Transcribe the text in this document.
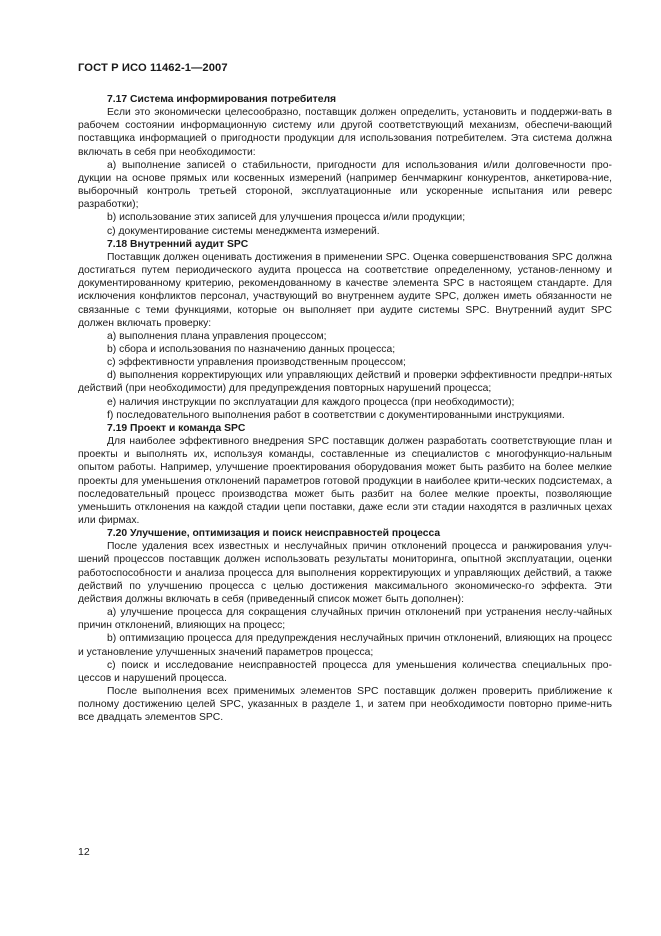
ГОСТ Р ИСО 11462-1—2007
7.17 Система информирования потребителя

Если это экономически целесообразно, поставщик должен определить, установить и поддержи-вать в рабочем состоянии информационную систему или другой соответствующий механизм, обеспечи-вающий поставщика информацией о пригодности продукции для использования потребителем. Эта система должна включать в себя при необходимости:

a) выполнение записей о стабильности, пригодности для использования и/или долговечности про-дукции на основе прямых или косвенных измерений (например бенчмаркинг конкурентов, анкетирова-ние, выборочный контроль третьей стороной, эксплуатационные или ускоренные испытания или реверс разработки);

b) использование этих записей для улучшения процесса и/или продукции;

c) документирование системы менеджмента измерений.

7.18 Внутренний аудит SPC

Поставщик должен оценивать достижения в применении SPC. Оценка совершенствования SPC должна достигаться путем периодического аудита процесса на соответствие определенному, установ-ленному и документированному критерию, рекомендованному в качестве элемента SPC в настоящем стандарте. Для исключения конфликтов персонал, участвующий во внутреннем аудите SPC, должен иметь обязанности не связанные с теми функциями, которые он выполняет при аудите системы SPC. Внутренний аудит SPC должен включать проверку:

a) выполнения плана управления процессом;

b) сбора и использования по назначению данных процесса;

c) эффективности управления производственным процессом;

d) выполнения корректирующих или управляющих действий и проверки эффективности предпри-нятых действий (при необходимости) для предупреждения повторных нарушений процесса;

e) наличия инструкции по эксплуатации для каждого процесса (при необходимости);

f) последовательного выполнения работ в соответствии с документированными инструкциями.

7.19 Проект и команда SPC

Для наиболее эффективного внедрения SPC поставщик должен разработать соответствующие план и проекты и выполнять их, используя команды, составленные из специалистов с многофункцио-нальным опытом работы. Например, улучшение проектирования оборудования может быть разбито на более мелкие проекты для уменьшения отклонений параметров готовой продукции в наиболее крити-ческих подсистемах, а последовательный процесс производства может быть разбит на более мелкие проекты, позволяющие уменьшить отклонения на каждой стадии цепи поставки, даже если эти стадии находятся в различных цехах или фирмах.

7.20 Улучшение, оптимизация и поиск неисправностей процесса

После удаления всех известных и неслучайных причин отклонений процесса и ранжирования улуч-шений процессов поставщик должен использовать результаты мониторинга, опытной эксплуатации, оценки работоспособности и анализа процесса для выполнения корректирующих и управляющих действий, а также действий по улучшению процесса с целью достижения максимального экономическо-го эффекта. Эти действия должны включать в себя (приведенный список может быть дополнен):

a) улучшение процесса для сокращения случайных причин отклонений при устранения неслу-чайных причин отклонений, влияющих на процесс;

b) оптимизацию процесса для предупреждения неслучайных причин отклонений, влияющих на процесс и установление улучшенных значений параметров процесса;

c) поиск и исследование неисправностей процесса для уменьшения количества специальных про-цессов и нарушений процесса.

После выполнения всех применимых элементов SPC поставщик должен проверить приближение к полному достижению целей SPC, указанных в разделе 1, и затем при необходимости повторно приме-нить все двадцать элементов SPC.

12
